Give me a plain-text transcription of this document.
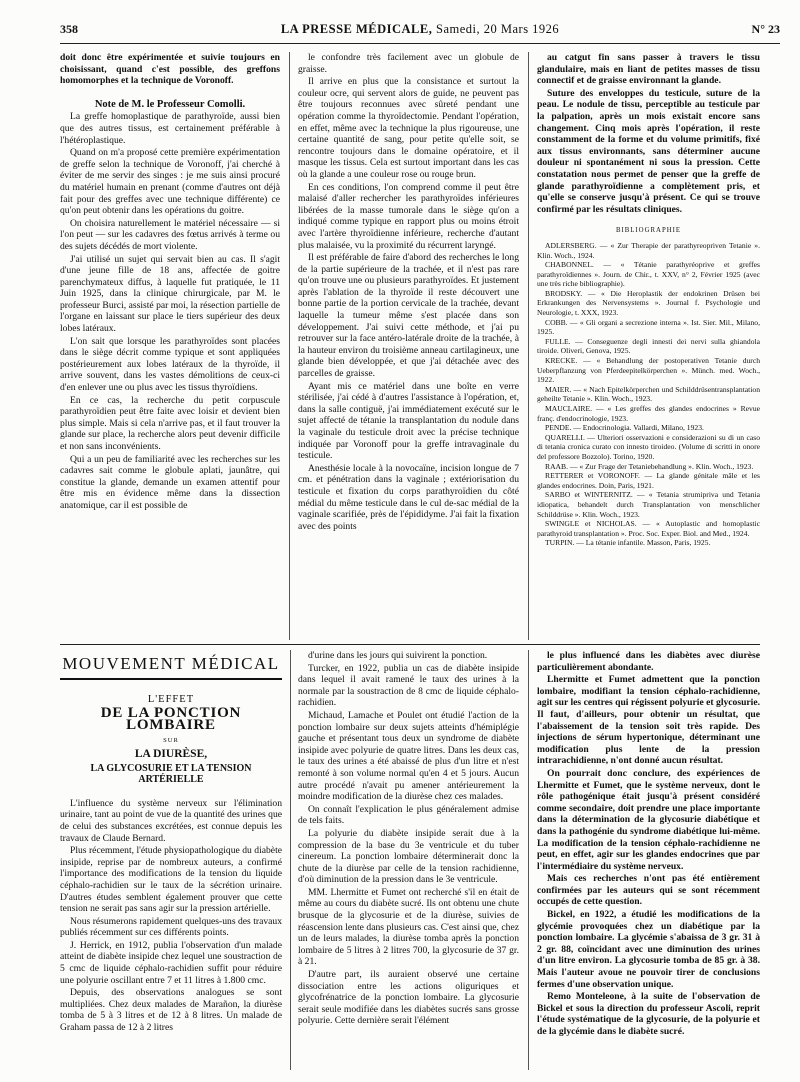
358	LA PRESSE MÉDICALE, Samedi, 20 Mars 1926	N° 23

doit donc être expérimentée et suivie toujours en choisissant, quand c'est possible, des greffons homomorphes et la technique de Voronoff.

Note de M. le Professeur Comolli.

La greffe homoplastique de parathyroïde, aussi bien que des autres tissus, est certainement préférable à l'hétéroplastique.

Quand on m'a proposé cette première expérimentation de greffe selon la technique de Voronoff, j'ai cherché à éviter de me servir des singes : je me suis ainsi procuré du matériel humain en prenant (comme d'autres ont déjà fait pour des greffes avec une technique différente) ce qu'on peut obtenir dans les opérations du goitre.

On choisira naturellement le matériel nécessaire — si l'on peut — sur les cadavres des fœtus arrivés à terme ou des sujets décédés de mort violente.

J'ai utilisé un sujet qui servait bien au cas. Il s'agit d'une jeune fille de 18 ans, affectée de goitre parenchymateux diffus, à laquelle fut pratiquée, le 11 Juin 1925, dans la clinique chirurgicale, par M. le professeur Burci, assisté par moi, la résection partielle de l'organe en laissant sur place le tiers supérieur des deux lobes latéraux.

L'on sait que lorsque les parathyroïdes sont placées dans le siège décrit comme typique et sont appliquées postérieurement aux lobes latéraux de la thyroïde, il arrive souvent, dans les vastes démolitions de ceux-ci d'en enlever une ou plus avec les tissus thyroïdiens.

En ce cas, la recherche du petit corpuscule parathyroïdien peut être faite avec loisir et devient bien plus simple. Mais si cela n'arrive pas, et il faut trouver la glande sur place, la recherche alors peut devenir difficile et non sans inconvénients.

Qui a un peu de familiarité avec les recherches sur les cadavres sait comme le globule aplati, jaunâtre, qui constitue la glande, demande un examen attentif pour être mis en évidence même dans la dissection anatomique, car il est possible de

le confondre très facilement avec un globule de graisse.

Il arrive en plus que la consistance et surtout la couleur ocre, qui servent alors de guide, ne peuvent pas être toujours reconnues avec sûreté pendant une opération comme la thyroïdectomie. Pendant l'opération, en effet, même avec la technique la plus rigoureuse, une certaine quantité de sang, pour petite qu'elle soit, se rencontre toujours dans le domaine opératoire, et il masque les tissus. Cela est surtout important dans les cas où la glande a une couleur rose ou rouge brun.

En ces conditions, l'on comprend comme il peut être malaisé d'aller rechercher les parathyroïdes inférieures libérées de la masse tumorale dans le siège qu'on a indiqué comme typique en rapport plus ou moins étroit avec l'artère thyroïdienne inférieure, recherche d'autant plus malaisée, vu la proximité du récurrent laryngé.

Il est préférable de faire d'abord des recherches le long de la partie supérieure de la trachée, et il n'est pas rare qu'on trouve une ou plusieurs parathyroïdes. Et justement après l'ablation de la thyroïde il reste découvert une bonne partie de la portion cervicale de la trachée, devant laquelle la tumeur même s'est placée dans son développement. J'ai suivi cette méthode, et j'ai pu retrouver sur la face antéro-latérale droite de la trachée, à la hauteur environ du troisième anneau cartilagineux, une glande bien développée, et que j'ai détachée avec des parcelles de graisse.

Ayant mis ce matériel dans une boîte en verre stérilisée, j'ai cédé à d'autres l'assistance à l'opération, et, dans la salle contiguë, j'ai immédiatement exécuté sur le sujet affecté de tétanie la transplantation du nodule dans la vaginale du testicule droit avec la précise technique indiquée par Voronoff pour la greffe intravaginale du testicule.

Anesthésie locale à la novocaïne, incision longue de 7 cm. et pénétration dans la vaginale ; extériorisation du testicule et fixation du corps parathyroïdien du côté médial du même testicule dans le cul de-sac médial de la vaginale scarifiée, près de l'épididyme. J'ai fait la fixation avec des points

au catgut fin sans passer à travers le tissu glandulaire, mais en liant de petites masses de tissu connectif et de graisse environnant la glande.

Suture des enveloppes du testicule, suture de la peau. Le nodule de tissu, perceptible au testicule par la palpation, après un mois existait encore sans changement. Cinq mois après l'opération, il reste constamment de la forme et du volume primitifs, fixé aux tissus environnants, sans déterminer aucune douleur ni spontanément ni sous la pression. Cette constatation nous permet de penser que la greffe de glande parathyroïdienne a complètement pris, et qu'elle se conserve jusqu'à présent. Ce qui se trouve confirmé par les résultats cliniques.

BIBLIOGRAPHIE

ADLERSBERG. — « Zur Therapie der parathyreopriven Tetanie ». Klin. Woch., 1924.

CHABONNEL. — « Tétanie parathyréoprive et greffes parathyroïdiennes ». Journ. de Chir., t. XXV, n° 2, Février 1925 (avec une très riche bibliographie).

BRODSKY. — « Die Heroplastik der endokrinen Drüsen bei Erkrankungen des Nervensystems ». Journal f. Psychologie und Neurologie, t. XXX, 1923.

COBB. — « Gli organi a secrezione interna ». Ist. Sier. Mil., Milano, 1925.

FULLE. — Conseguenze degli innesti dei nervi sulla ghiandola tiroide. Oliveri, Genova, 1925.

KRECKE. — « Behandlung der postoperativen Tetanie durch Ueberpflanzung von Pferdeepitelkörperchen ». Münch. med. Woch., 1922.

MAIER. — « Nach Epitelkörperchen und Schilddrüsentransplantation geheilte Tetanie ». Klin. Woch., 1923.

MAUCLAIRE. — « Les greffes des glandes endocrines » Revue franç. d'endocrinologie, 1923.

PENDE. — Endocrinologia. Vallardi, Milano, 1923.

QUARELLI. — Ulteriori osservazioni e considerazioni su di un caso di tetania cronica curato con innesto tiroideo. (Volume di scritti in onore del professore Bozzolo). Torino, 1920.

RAAB. — « Zur Frage der Tetaniebehandlung ». Klin. Woch., 1923.

RETTERER et VORONOFF. — La glande génitale mâle et les glandes endocrines. Doin, Paris, 1921.

SARBO et WINTERNITZ. — « Tetania strumipriva und Tetania idiopatica, behandelt durch Transplantation von menschlicher Schilddrüse ». Klin. Woch., 1923.

SWINGLE et NICHOLAS. — « Autoplastic and homoplastic parathyroid transplantation ». Proc. Soc. Exper. Biol. and Med., 1924.

TURPIN. — La tétanie infantile. Masson, Paris, 1925.

MOUVEMENT MÉDICAL
L'EFFET
DE LA PONCTION LOMBAIRE
SUR
LA DIURÈSE,
LA GLYCOSURIE ET LA TENSION ARTÉRIELLE

L'influence du système nerveux sur l'élimination urinaire, tant au point de vue de la quantité des urines que de celui des substances excrétées, est connue depuis les travaux de Claude Bernard.

Plus récemment, l'étude physiopathologique du diabète insipide, reprise par de nombreux auteurs, a confirmé l'importance des modifications de la tension du liquide céphalo-rachidien sur le taux de la sécrétion urinaire. D'autres études semblent également prouver que cette tension ne serait pas sans agir sur la pression artérielle.

Nous résumerons rapidement quelques-uns des travaux publiés récemment sur ces différents points.

J. Herrick, en 1912, publia l'observation d'un malade atteint de diabète insipide chez lequel une soustraction de 5 cmc de liquide céphalo-rachidien suffit pour réduire une polyurie oscillant entre 7 et 11 litres à 1.800 cmc.

Depuis, des observations analogues se sont multipliées. Chez deux malades de Marañon, la diurèse tomba de 5 à 3 litres et de 12 à 8 litres. Un malade de Graham passa de 12 à 2 litres

d'urine dans les jours qui suivirent la ponction.

Turcker, en 1922, publia un cas de diabète insipide dans lequel il avait ramené le taux des urines à la normale par la soustraction de 8 cmc de liquide céphalo-rachidien.

Michaud, Lamache et Poulet ont étudié l'action de la ponction lombaire sur deux sujets atteints d'hémiplégie gauche et présentant tous deux un syndrome de diabète insipide avec polyurie de quatre litres. Dans les deux cas, le taux des urines a été abaissé de plus d'un litre et n'est remonté à son volume normal qu'en 4 et 5 jours. Aucun autre procédé n'avait pu amener antérieurement la moindre modification de la diurèse chez ces malades.

On connaît l'explication le plus généralement admise de tels faits.

La polyurie du diabète insipide serait due à la compression de la base du 3e ventricule et du tuber cinereum. La ponction lombaire déterminerait donc la chute de la diurèse par celle de la tension rachidienne, d'où diminution de la pression dans le 3e ventricule.

MM. Lhermitte et Fumet ont recherché s'il en était de même au cours du diabète sucré. Ils ont obtenu une chute brusque de la glycosurie et de la diurèse, suivies de réascension lente dans plusieurs cas. C'est ainsi que, chez un de leurs malades, la diurèse tomba après la ponction lombaire de 5 litres à 2 litres 700, la glycosurie de 37 gr. à 21.

D'autre part, ils auraient observé une certaine dissociation entre les actions oliguriques et glycofrénatrice de la ponction lombaire. La glycosurie serait seule modifiée dans les diabètes sucrés sans grosse polyurie. Cette dernière serait l'élément

le plus influencé dans les diabètes avec diurèse particulièrement abondante.

Lhermitte et Fumet admettent que la ponction lombaire, modifiant la tension céphalo-rachidienne, agit sur les centres qui régissent polyurie et glycosurie. Il faut, d'ailleurs, pour obtenir un résultat, que l'abaissement de la tension soit très rapide. Des injections de sérum hypertonique, déterminant une modification plus lente de la pression intrarachidienne, n'ont donné aucun résultat.

On pourrait donc conclure, des expériences de Lhermitte et Fumet, que le système nerveux, dont le rôle pathogénique était jusqu'à présent considéré comme secondaire, doit prendre une place importante dans la détermination de la glycosurie diabétique et dans la pathogénie du syndrome diabétique lui-même. La modification de la tension céphalo-rachidienne ne peut, en effet, agir sur les glandes endocrines que par l'intermédiaire du système nerveux.

Mais ces recherches n'ont pas été entièrement confirmées par les auteurs qui se sont récemment occupés de cette question.

Bickel, en 1922, a étudié les modifications de la glycémie provoquées chez un diabétique par la ponction lombaire. La glycémie s'abaissa de 3 gr. 31 à 2 gr. 88, coïncidant avec une diminution des urines d'un litre environ. La glycosurie tomba de 85 gr. à 38. Mais l'auteur avoue ne pouvoir tirer de conclusions fermes d'une observation unique.

Remo Monteleone, à la suite de l'observation de Bickel et sous la direction du professeur Ascoli, reprit l'étude systématique de la glycosurie, de la polyurie et de la glycémie dans le diabète sucré.
